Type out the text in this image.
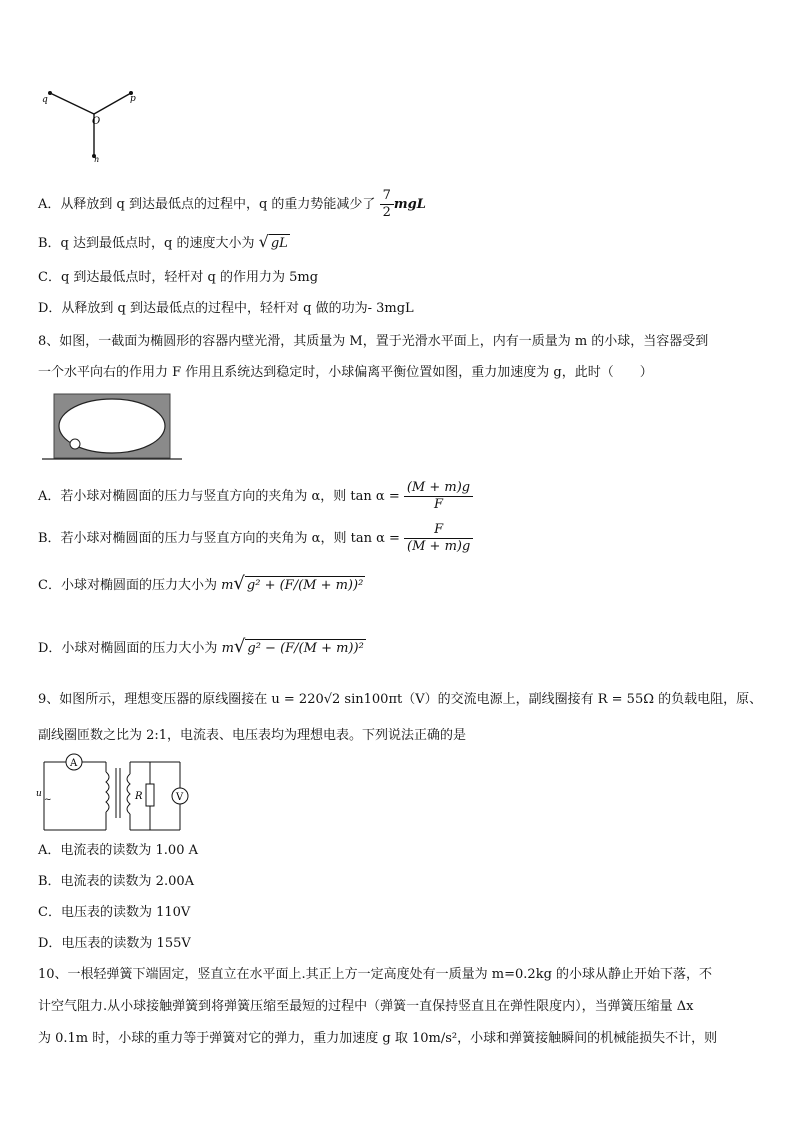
q	p
O
n
A．从释放到 q 到达最低点的过程中，q 的重力势能减少了 $\frac{7}{2}$ mgL
B．q 达到最低点时，q 的速度大小为 √ gL
C．q 到达最低点时，轻杆对 q 的作用力为 5mg
D．从释放到 q 到达最低点的过程中，轻杆对 q 做的功为- 3mgL
8、如图，一截面为椭圆形的容器内壁光滑，其质量为 M，置于光滑水平面上，内有一质量为 m 的小球，当容器受到
一个水平向右的作用力 F 作用且系统达到稳定时，小球偏离平衡位置如图，重力加速度为 g，此时（　　）
A．若小球对椭圆面的压力与竖直方向的夹角为 α，则 $\tan \alpha = \frac{(M + m)g}{F}$
B．若小球对椭圆面的压力与竖直方向的夹角为 α，则 $\tan \alpha = \frac{F}{(M + m)g}$
C．小球对椭圆面的压力大小为 m√ g² + (F/(M + m))²
D．小球对椭圆面的压力大小为 m√ g² − (F/(M + m))²
9、如图所示，理想变压器的原线圈接在 u = 220√2 sin100πt（V）的交流电源上，副线圈接有 R = 55Ω 的负载电阻，原、
副线圈匝数之比为 2:1，电流表、电压表均为理想电表。下列说法正确的是
A
u
~	R	V
A．电流表的读数为 1.00 A
B．电流表的读数为 2.00A
C．电压表的读数为 110V
D．电压表的读数为 155V
10、一根轻弹簧下端固定，竖直立在水平面上.其正上方一定高度处有一质量为 m=0.2kg 的小球从静止开始下落，不
计空气阻力.从小球接触弹簧到将弹簧压缩至最短的过程中（弹簧一直保持竖直且在弹性限度内），当弹簧压缩量 Δx
为 0.1m 时，小球的重力等于弹簧对它的弹力，重力加速度 g 取 10m/s²，小球和弹簧接触瞬间的机械能损失不计，则
